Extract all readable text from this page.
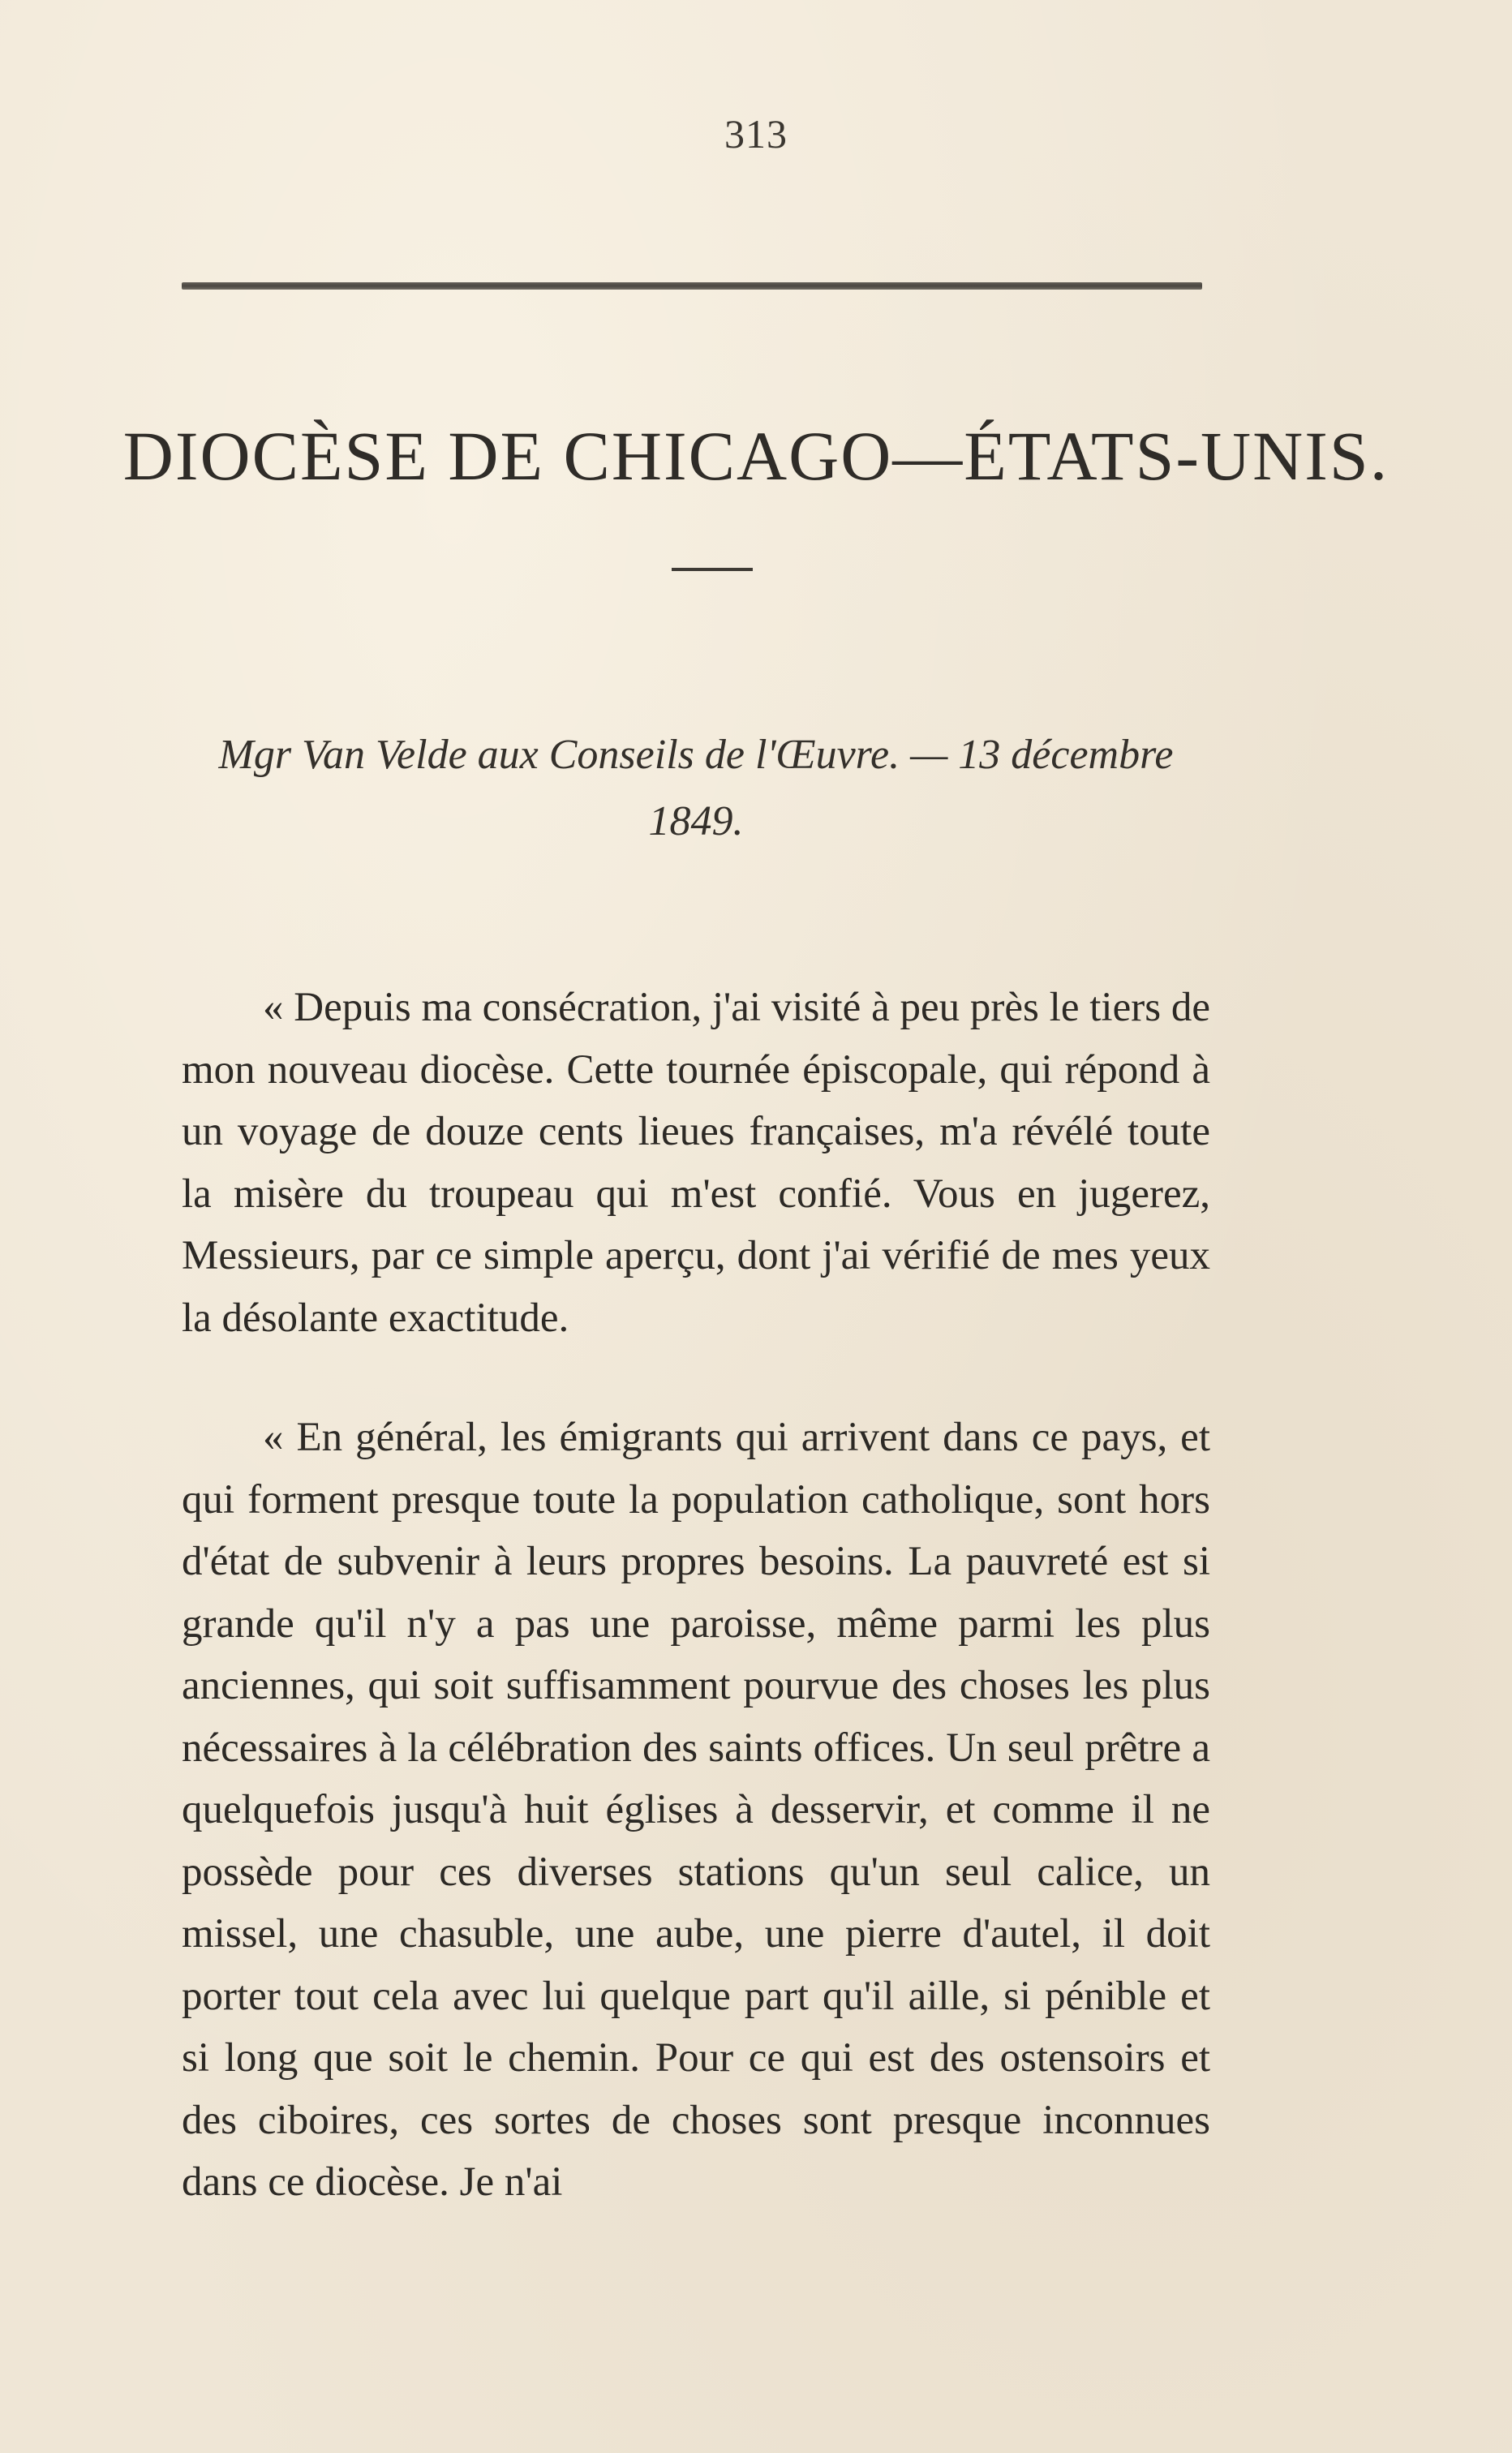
313
DIOCÈSE DE CHICAGO—ÉTATS-UNIS.
Mgr Van Velde aux Conseils de l'Œuvre. — 13 décembre 1849.

« Depuis ma consécration, j'ai visité à peu près le tiers de mon nouveau diocèse. Cette tournée épiscopale, qui répond à un voyage de douze cents lieues françaises, m'a révélé toute la misère du troupeau qui m'est confié. Vous en jugerez, Messieurs, par ce simple aperçu, dont j'ai vérifié de mes yeux la désolante exactitude.

« En général, les émigrants qui arrivent dans ce pays, et qui forment presque toute la population catholique, sont hors d'état de subvenir à leurs propres besoins. La pauvreté est si grande qu'il n'y a pas une paroisse, même parmi les plus anciennes, qui soit suffisamment pourvue des choses les plus nécessaires à la célébration des saints offices. Un seul prêtre a quelquefois jusqu'à huit églises à desservir, et comme il ne possède pour ces diverses stations qu'un seul calice, un missel, une chasuble, une aube, une pierre d'autel, il doit porter tout cela avec lui quelque part qu'il aille, si pénible et si long que soit le chemin. Pour ce qui est des ostensoirs et des ciboires, ces sortes de choses sont presque inconnues dans ce diocèse. Je n'ai
